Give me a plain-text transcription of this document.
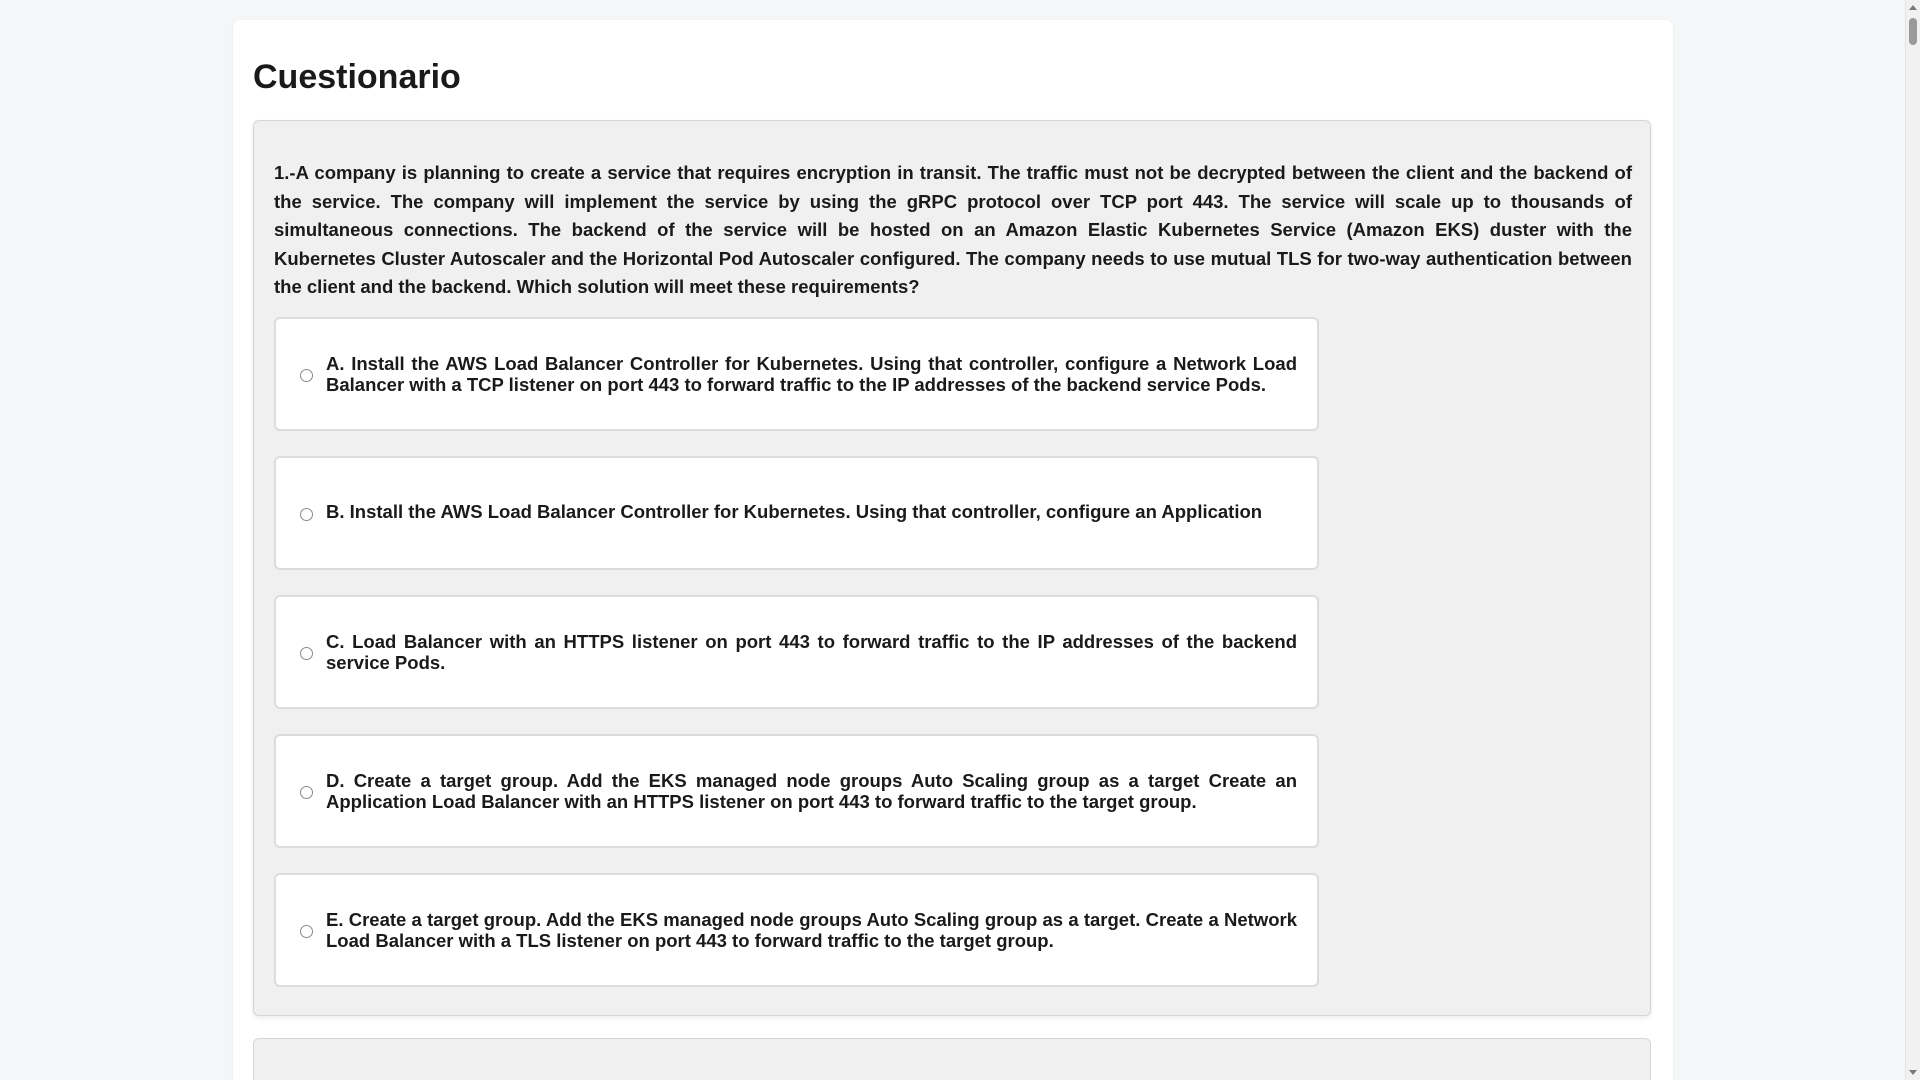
Cuestionario

1.-A company is planning to create a service that requires encryption in transit. The traffic must not be decrypted between the client and the backend of the service. The company will implement the service by using the gRPC protocol over TCP port 443. The service will scale up to thousands of simultaneous connections. The backend of the service will be hosted on an Amazon Elastic Kubernetes Service (Amazon EKS) duster with the Kubernetes Cluster Autoscaler and the Horizontal Pod Autoscaler configured. The company needs to use mutual TLS for two-way authentication between the client and the backend. Which solution will meet these requirements?

A. Install the AWS Load Balancer Controller for Kubernetes. Using that controller, configure a Network Load Balancer with a TCP listener on port 443 to forward traffic to the IP addresses of the backend service Pods.
B. Install the AWS Load Balancer Controller for Kubernetes. Using that controller, configure an Application
C. Load Balancer with an HTTPS listener on port 443 to forward traffic to the IP addresses of the backend service Pods.
D. Create a target group. Add the EKS managed node groups Auto Scaling group as a target Create an Application Load Balancer with an HTTPS listener on port 443 to forward traffic to the target group.
E. Create a target group. Add the EKS managed node groups Auto Scaling group as a target. Create a Network Load Balancer with a TLS listener on port 443 to forward traffic to the target group.
